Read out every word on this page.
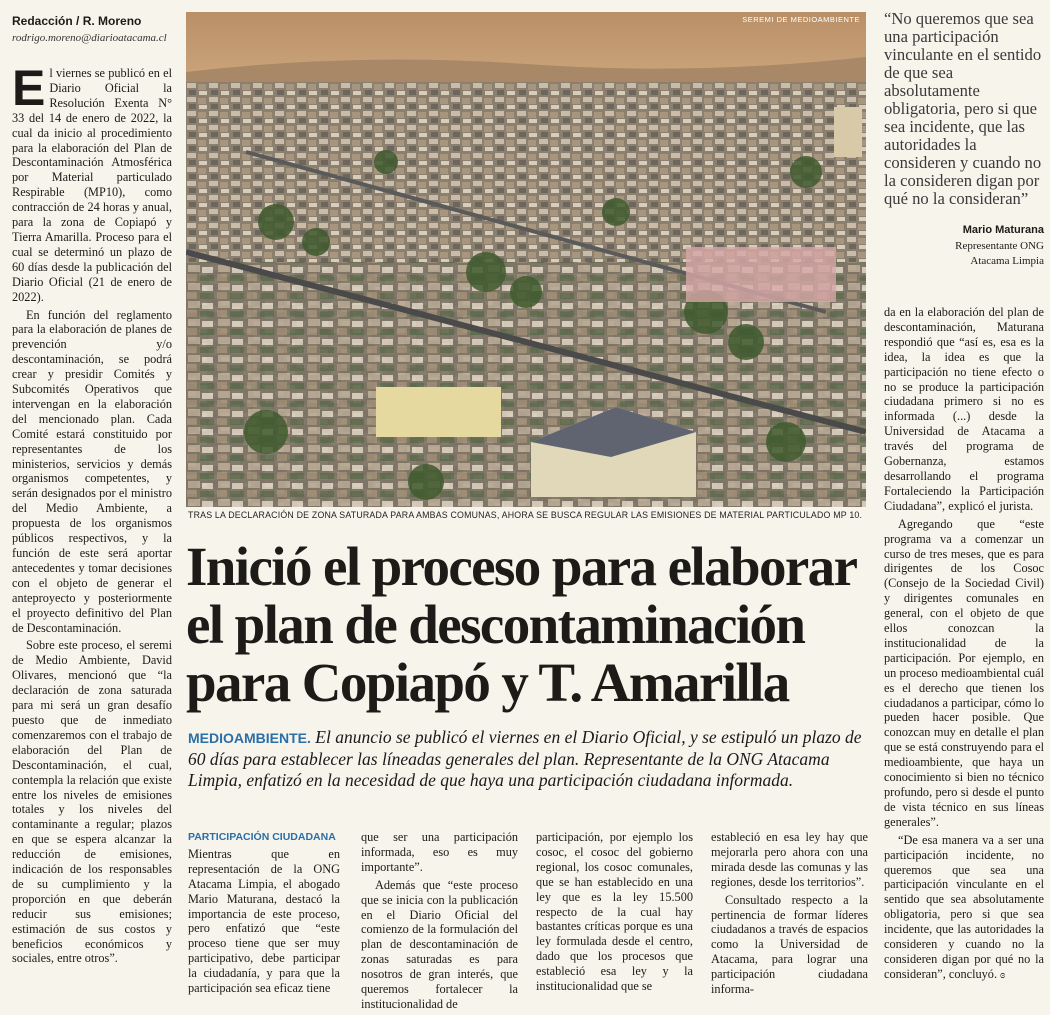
Redacción / R. Moreno
rodrigo.moreno@diarioatacama.cl

El viernes se publicó en el Diario Oficial la Resolución Exenta N° 33 del 14 de enero de 2022, la cual da inicio al procedimiento para la elaboración del Plan de Descontaminación Atmosférica por Material particulado Respirable (MP10), como contracción de 24 horas y anual, para la zona de Copiapó y Tierra Amarilla. Proceso para el cual se determinó un plazo de 60 días desde la publicación del Diario Oficial (21 de enero de 2022).

En función del reglamento para la elaboración de planes de prevención y/o descontaminación, se podrá crear y presidir Comités y Subcomités Operativos que intervengan en la elaboración del mencionado plan. Cada Comité estará constituido por representantes de los ministerios, servicios y demás organismos competentes, y serán designados por el ministro del Medio Ambiente, a propuesta de los organismos públicos respectivos, y la función de este será aportar antecedentes y tomar decisiones con el objeto de generar el anteproyecto y posteriormente el proyecto definitivo del Plan de Descontaminación.

Sobre este proceso, el seremi de Medio Ambiente, David Olivares, mencionó que “la declaración de zona saturada para mi será un gran desafío puesto que de inmediato comenzaremos con el trabajo de elaboración del Plan de Descontaminación, el cual, contempla la relación que existe entre los niveles de emisiones totales y los niveles del contaminante a regular; plazos en que se espera alcanzar la reducción de emisiones, indicación de los responsables de su cumplimiento y la proporción en que deberán reducir sus emisiones; estimación de sus costos y beneficios económicos y sociales, entre otros”.

SEREMI DE MEDIOAMBIENTE
TRAS LA DECLARACIÓN DE ZONA SATURADA PARA AMBAS COMUNAS, AHORA SE BUSCA REGULAR LAS EMISIONES DE MATERIAL PARTICULADO MP 10.
Inició el proceso para elaborar
el plan de descontaminación
para Copiapó y T. Amarilla
MEDIOAMBIENTE. El anuncio se publicó el viernes en el Diario Oficial, y se estipuló un plazo de 60 días para establecer las líneadas generales del plan. Representante de la ONG Atacama Limpia, enfatizó en la necesidad de que haya una participación ciudadana informada.
PARTICIPACIÓN CIUDADANA

Mientras que en representación de la ONG Atacama Limpia, el abogado Mario Maturana, destacó la importancia de este proceso, pero enfatizó que “este proceso tiene que ser muy participativo, debe participar la ciudadanía, y para que la participación sea eficaz tiene

que ser una participación informada, eso es muy importante”.

Además que “este proceso que se inicia con la publicación en el Diario Oficial del comienzo de la formulación del plan de descontaminación de zonas saturadas es para nosotros de gran interés, que queremos fortalecer la institucionalidad de

participación, por ejemplo los cosoc, el cosoc del gobierno regional, los cosoc comunales, que se han establecido en una ley que es la ley 15.500 respecto de la cual hay bastantes críticas porque es una ley formulada desde el centro, dado que los procesos que estableció esa ley y la institucionalidad que se

estableció en esa ley hay que mejorarla pero ahora con una mirada desde las comunas y las regiones, desde los territorios”.

Consultado respecto a la pertinencia de formar líderes ciudadanos a través de espacios como la Universidad de Atacama, para lograr una participación ciudadana informa-

“No queremos que sea una participación vinculante en el sentido de que sea absolutamente obligatoria, pero si que sea incidente, que las autoridades la consideren y cuando no la consideren digan por qué no la consideran”
Mario Maturana
Representante ONG
Atacama Limpia

da en la elaboración del plan de descontaminación, Maturana respondió que “así es, esa es la idea, la idea es que la participación no tiene efecto o no se produce la participación ciudadana primero si no es informada (...) desde la Universidad de Atacama a través del programa de Gobernanza, estamos desarrollando el programa Fortaleciendo la Participación Ciudadana”, explicó el jurista.

Agregando que “este programa va a comenzar un curso de tres meses, que es para dirigentes de los Cosoc (Consejo de la Sociedad Civil) y dirigentes comunales en general, con el objeto de que ellos conozcan la institucionalidad de la participación. Por ejemplo, en un proceso medioambiental cuál es el derecho que tienen los ciudadanos a participar, cómo lo pueden hacer posible. Que conozcan muy en detalle el plan que se está construyendo para el medioambiente, que haya un conocimiento si bien no técnico profundo, pero si desde el punto de vista técnico en sus líneas generales”.

“De esa manera va a ser una participación incidente, no queremos que sea una participación vinculante en el sentido que sea absolutamente obligatoria, pero si que sea incidente, que las autoridades la consideren y cuando no la consideren digan por qué no la consideran”, concluyó. ɞ
